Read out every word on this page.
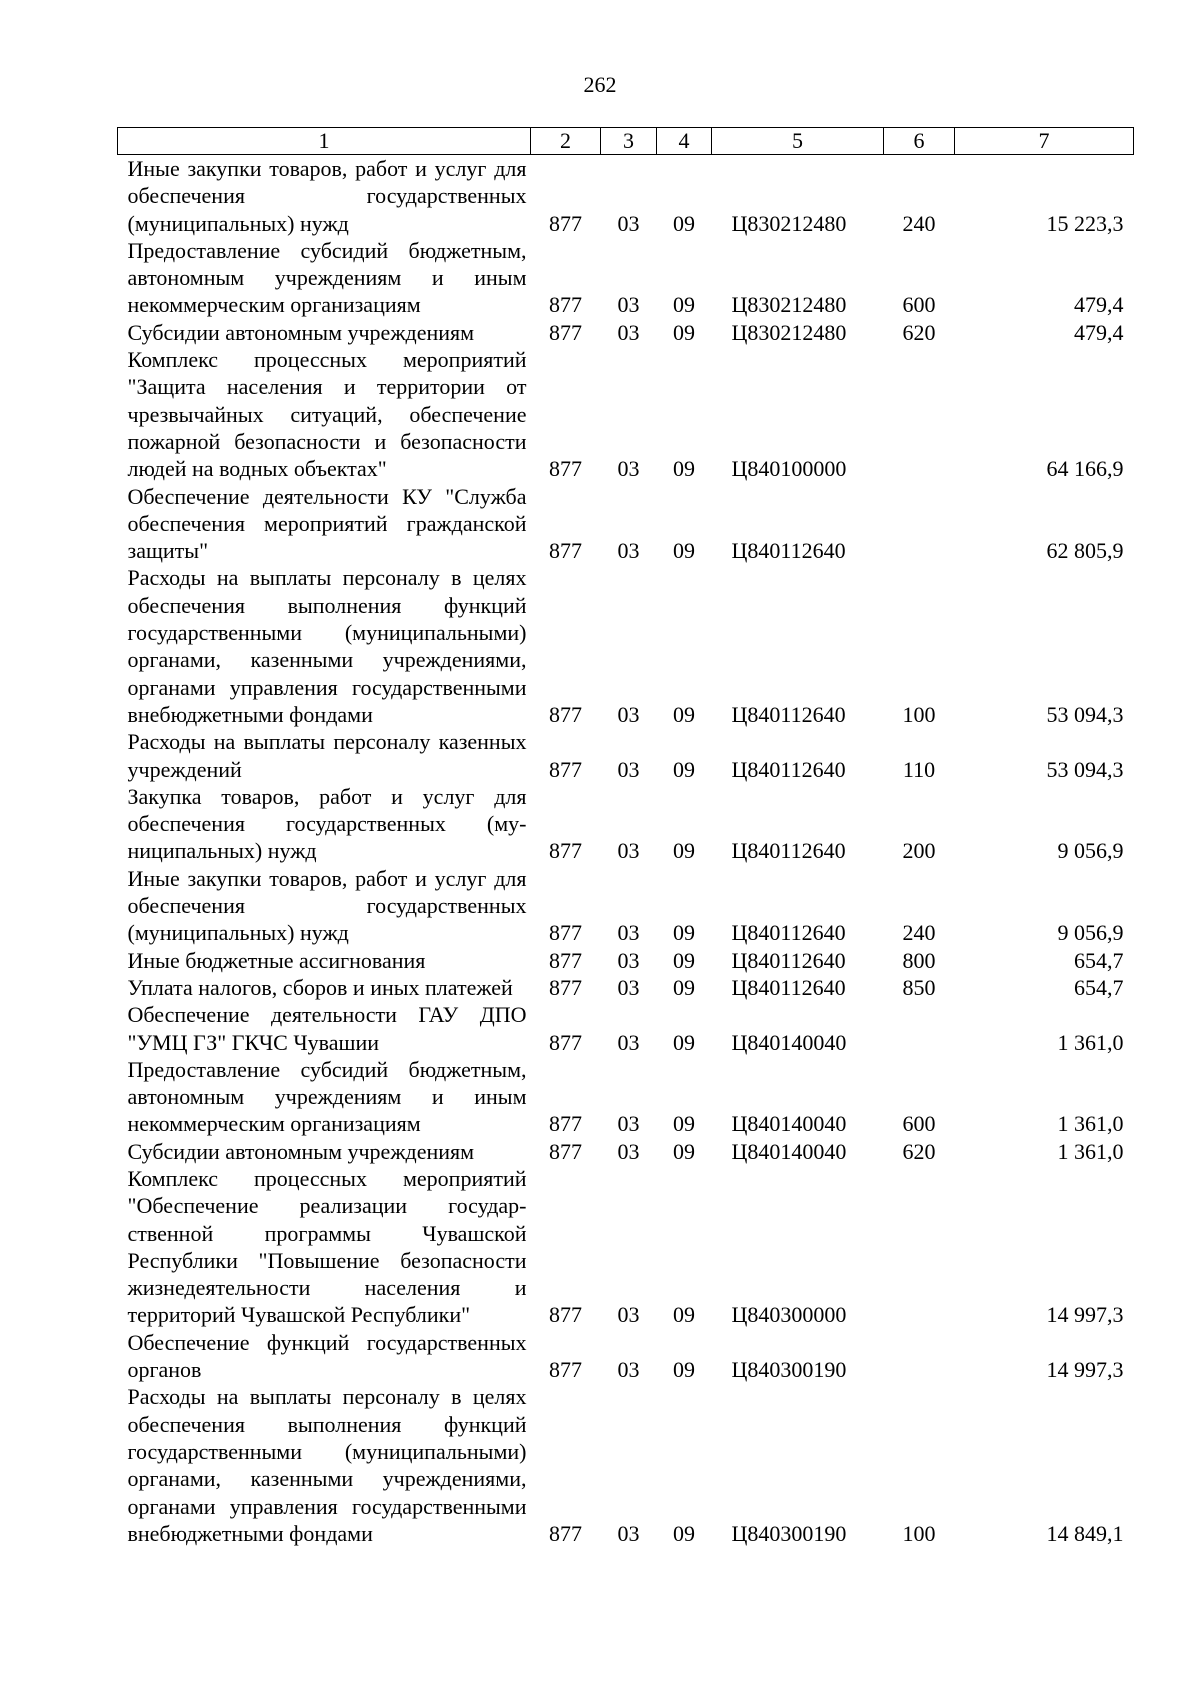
262
1	2	3	4	5	6	7
Иные закупки товаров, работ и услуг для обеспечения государственных (муниципальных) нужд	877	03	09	Ц830212480	240	15 223,3
Предоставление субсидий бюджетным, автономным учреждениям и иным некоммерческим организациям	877	03	09	Ц830212480	600	479,4
Субсидии автономным учреждениям	877	03	09	Ц830212480	620	479,4
Комплекс процессных мероприятий "Защита населения и территории от чрезвычайных ситуаций, обеспечение пожарной безопасности и безопасности людей на водных объектах"	877	03	09	Ц840100000		64 166,9
Обеспечение деятельности КУ "Служба обеспечения мероприятий гражданской защиты"	877	03	09	Ц840112640		62 805,9
Расходы на выплаты персоналу в целях обеспечения выполнения функций государственными (муниципальными) органами, казенными учреждениями, органами управления государственными внебюджетными фондами	877	03	09	Ц840112640	100	53 094,3
Расходы на выплаты персоналу казенных учреждений	877	03	09	Ц840112640	110	53 094,3
Закупка товаров, работ и услуг для обеспечения государственных (муниципальных) нужд	877	03	09	Ц840112640	200	9 056,9
Иные закупки товаров, работ и услуг для обеспечения государственных (муниципальных) нужд	877	03	09	Ц840112640	240	9 056,9
Иные бюджетные ассигнования	877	03	09	Ц840112640	800	654,7
Уплата налогов, сборов и иных платежей	877	03	09	Ц840112640	850	654,7
Обеспечение деятельности ГАУ ДПО "УМЦ ГЗ" ГКЧС Чувашии	877	03	09	Ц840140040		1 361,0
Предоставление субсидий бюджетным, автономным учреждениям и иным некоммерческим организациям	877	03	09	Ц840140040	600	1 361,0
Субсидии автономным учреждениям	877	03	09	Ц840140040	620	1 361,0
Комплекс процессных мероприятий "Обеспечение реализации государственной программы Чувашской Республики "Повышение безопасности жизнедеятельности населения и территорий Чувашской Республики"	877	03	09	Ц840300000		14 997,3
Обеспечение функций государственных органов	877	03	09	Ц840300190		14 997,3
Расходы на выплаты персоналу в целях обеспечения выполнения функций государственными (муниципальными) органами, казенными учреждениями, органами управления государственными внебюджетными фондами	877	03	09	Ц840300190	100	14 849,1
